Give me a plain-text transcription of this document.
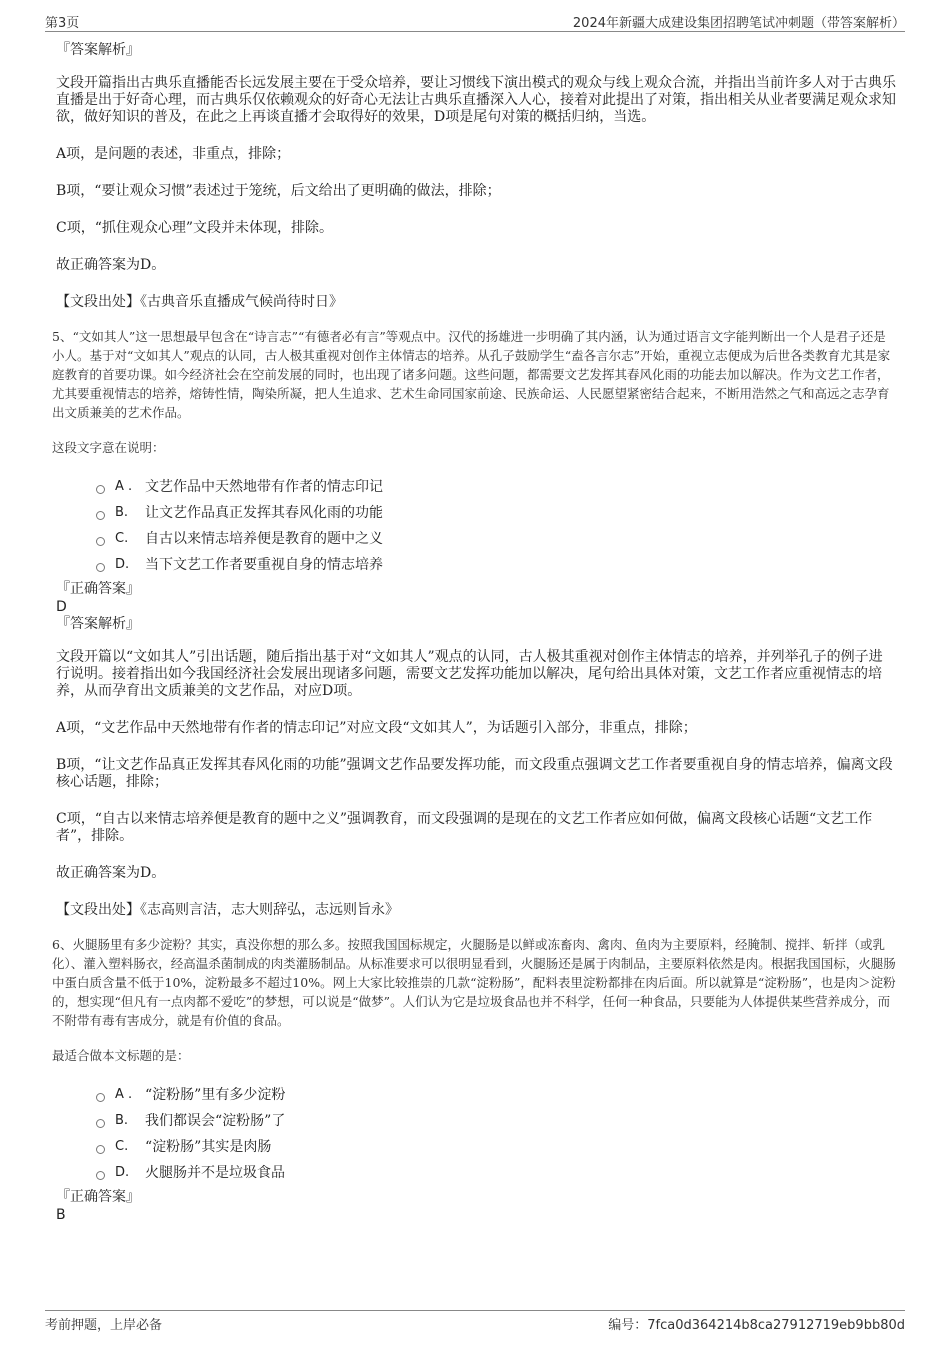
第3页	2024年新疆大成建设集团招聘笔试冲刺题（带答案解析）

『答案解析』

文段开篇指出古典乐直播能否长远发展主要在于受众培养，要让习惯线下演出模式的观众与线上观众合流，并指出当前许多人对于古典乐直播是出于好奇心理，而古典乐仅依赖观众的好奇心无法让古典乐直播深入人心，接着对此提出了对策，指出相关从业者要满足观众求知欲，做好知识的普及，在此之上再谈直播才会取得好的效果，D项是尾句对策的概括归纳，当选。

A项，是问题的表述，非重点，排除；

B项，“要让观众习惯”表述过于笼统，后文给出了更明确的做法，排除；

C项，“抓住观众心理”文段并未体现，排除。

故正确答案为D。

【文段出处】《古典音乐直播成气候尚待时日》

5、“文如其人”这一思想最早包含在“诗言志”“有德者必有言”等观点中。汉代的扬雄进一步明确了其内涵，认为通过语言文字能判断出一个人是君子还是小人。基于对“文如其人”观点的认同，古人极其重视对创作主体情志的培养。从孔子鼓励学生“盍各言尔志”开始，重视立志便成为后世各类教育尤其是家庭教育的首要功课。如今经济社会在空前发展的同时，也出现了诸多问题。这些问题，都需要文艺发挥其春风化雨的功能去加以解决。作为文艺工作者，尤其要重视情志的培养，熔铸性情，陶染所凝，把人生追求、艺术生命同国家前途、民族命运、人民愿望紧密结合起来，不断用浩然之气和高远之志孕育出文质兼美的艺术作品。

这段文字意在说明：

A . 文艺作品中天然地带有作者的情志印记
B.	让文艺作品真正发挥其春风化雨的功能
C.	自古以来情志培养便是教育的题中之义
D.	当下文艺工作者要重视自身的情志培养

『正确答案』

D

『答案解析』

文段开篇以“文如其人”引出话题，随后指出基于对“文如其人”观点的认同，古人极其重视对创作主体情志的培养，并列举孔子的例子进行说明。接着指出如今我国经济社会发展出现诸多问题，需要文艺发挥功能加以解决，尾句给出具体对策，文艺工作者应重视情志的培养，从而孕育出文质兼美的文艺作品，对应D项。

A项，“文艺作品中天然地带有作者的情志印记”对应文段“文如其人”，为话题引入部分，非重点，排除；

B项，“让文艺作品真正发挥其春风化雨的功能”强调文艺作品要发挥功能，而文段重点强调文艺工作者要重视自身的情志培养，偏离文段核心话题，排除；

C项，“自古以来情志培养便是教育的题中之义”强调教育，而文段强调的是现在的文艺工作者应如何做，偏离文段核心话题“文艺工作者”，排除。

故正确答案为D。

【文段出处】《志高则言洁，志大则辞弘，志远则旨永》

6、火腿肠里有多少淀粉？其实，真没你想的那么多。按照我国国标规定，火腿肠是以鲜或冻畜肉、禽肉、鱼肉为主要原料，经腌制、搅拌、斩拌（或乳化）、灌入塑料肠衣，经高温杀菌制成的肉类灌肠制品。从标准要求可以很明显看到，火腿肠还是属于肉制品，主要原料依然是肉。根据我国国标，火腿肠中蛋白质含量不低于10%，淀粉最多不超过10%。网上大家比较推崇的几款“淀粉肠”，配料表里淀粉都排在肉后面。所以就算是“淀粉肠”，也是肉＞淀粉的，想实现“但凡有一点肉都不爱吃”的梦想，可以说是“做梦”。人们认为它是垃圾食品也并不科学，任何一种食品，只要能为人体提供某些营养成分，而不附带有毒有害成分，就是有价值的食品。

最适合做本文标题的是：

A . “淀粉肠”里有多少淀粉
B.	我们都误会“淀粉肠”了
C.	“淀粉肠”其实是肉肠
D.	火腿肠并不是垃圾食品

『正确答案』

B

考前押题，上岸必备	编号：7fca0d364214b8ca27912719eb9bb80d
